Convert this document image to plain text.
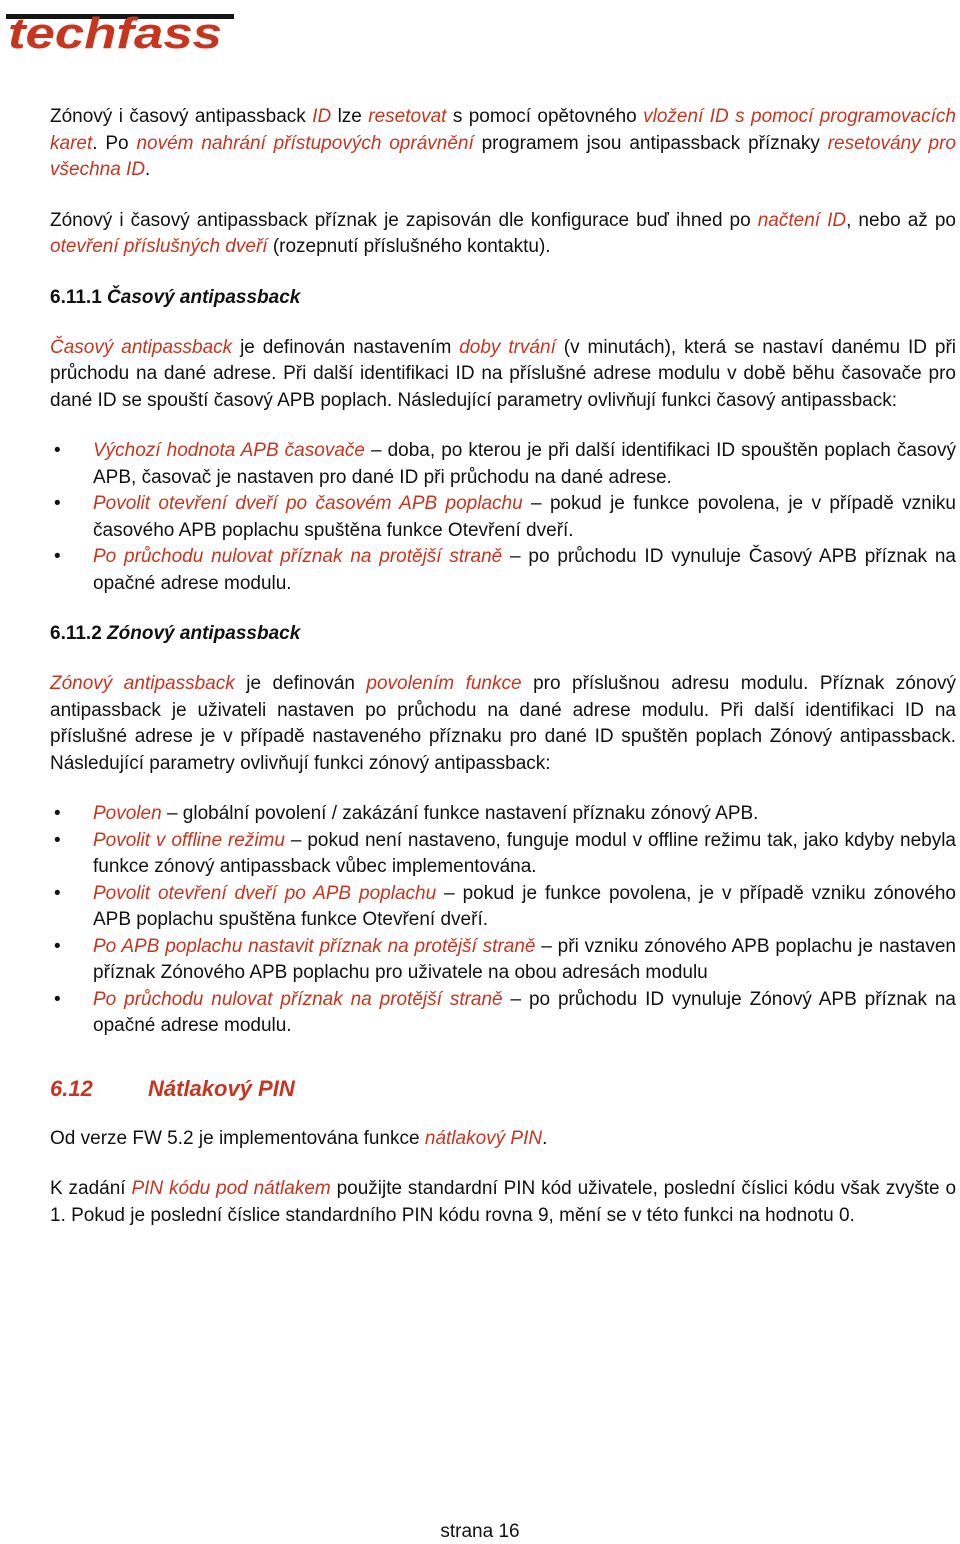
techfass

Zónový i časový antipassback ID lze resetovat s pomocí opětovného vložení ID s pomocí programovacích karet. Po novém nahrání přístupových oprávnění programem jsou antipassback příznaky resetovány pro všechna ID.

Zónový i časový antipassback příznak je zapisován dle konfigurace buď ihned po načtení ID, nebo až po otevření příslušných dveří (rozepnutí příslušného kontaktu).

6.11.1 Časový antipassback

Časový antipassback je definován nastavením doby trvání (v minutách), která se nastaví danému ID při průchodu na dané adrese. Při další identifikaci ID na příslušné adrese modulu v době běhu časovače pro dané ID se spouští časový APB poplach. Následující parametry ovlivňují funkci časový antipassback:

• Výchozí hodnota APB časovače – doba, po kterou je při další identifikaci ID spouštěn poplach časový APB, časovač je nastaven pro dané ID při průchodu na dané adrese.
• Povolit otevření dveří po časovém APB poplachu – pokud je funkce povolena, je v případě vzniku časového APB poplachu spuštěna funkce Otevření dveří.
• Po průchodu nulovat příznak na protější straně – po průchodu ID vynuluje Časový APB příznak na opačné adrese modulu.
6.11.2 Zónový antipassback

Zónový antipassback je definován povolením funkce pro příslušnou adresu modulu. Příznak zónový antipassback je uživateli nastaven po průchodu na dané adrese modulu. Při další identifikaci ID na příslušné adrese je v případě nastaveného příznaku pro dané ID spuštěn poplach Zónový antipassback. Následující parametry ovlivňují funkci zónový antipassback:

• Povolen – globální povolení / zakázání funkce nastavení příznaku zónový APB.
• Povolit v offline režimu – pokud není nastaveno, funguje modul v offline režimu tak, jako kdyby nebyla funkce zónový antipassback vůbec implementována.
• Povolit otevření dveří po APB poplachu – pokud je funkce povolena, je v případě vzniku zónového APB poplachu spuštěna funkce Otevření dveří.
• Po APB poplachu nastavit příznak na protější straně – při vzniku zónového APB poplachu je nastaven příznak Zónového APB poplachu pro uživatele na obou adresách modulu
• Po průchodu nulovat příznak na protější straně – po průchodu ID vynuluje Zónový APB příznak na opačné adrese modulu.
6.12	Nátlakový PIN

Od verze FW 5.2 je implementována funkce nátlakový PIN.

K zadání PIN kódu pod nátlakem použijte standardní PIN kód uživatele, poslední číslici kódu však zvyšte o 1. Pokud je poslední číslice standardního PIN kódu rovna 9, mění se v této funkci na hodnotu 0.

strana 16
